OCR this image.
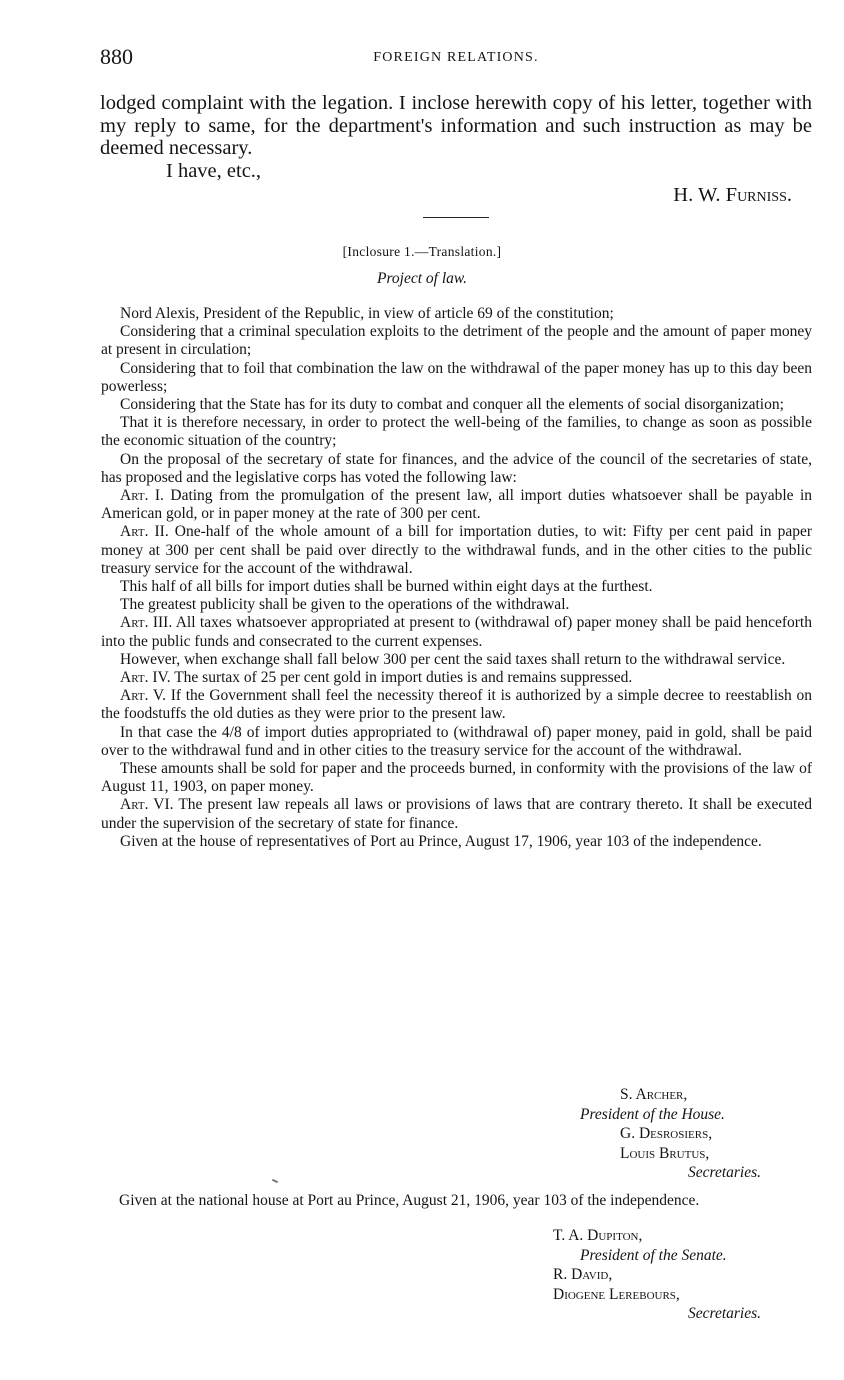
880	FOREIGN RELATIONS.

lodged complaint with the legation. I inclose herewith copy of his letter, together with my reply to same, for the department's information and such instruction as may be deemed necessary.

I have, etc.,
H. W. Furniss.
[Inclosure 1.—Translation.]
Project of law.

Nord Alexis, President of the Republic, in view of article 69 of the constitution;

Considering that a criminal speculation exploits to the detriment of the people and the amount of paper money at present in circulation;

Considering that to foil that combination the law on the withdrawal of the paper money has up to this day been powerless;

Considering that the State has for its duty to combat and conquer all the elements of social disorganization;

That it is therefore necessary, in order to protect the well-being of the families, to change as soon as possible the economic situation of the country;

On the proposal of the secretary of state for finances, and the advice of the council of the secretaries of state, has proposed and the legislative corps has voted the following law:

Art. I. Dating from the promulgation of the present law, all import duties whatsoever shall be payable in American gold, or in paper money at the rate of 300 per cent.

Art. II. One-half of the whole amount of a bill for importation duties, to wit: Fifty per cent paid in paper money at 300 per cent shall be paid over directly to the withdrawal funds, and in the other cities to the public treasury service for the account of the withdrawal.

This half of all bills for import duties shall be burned within eight days at the furthest.

The greatest publicity shall be given to the operations of the withdrawal.

Art. III. All taxes whatsoever appropriated at present to (withdrawal of) paper money shall be paid henceforth into the public funds and consecrated to the current expenses.

However, when exchange shall fall below 300 per cent the said taxes shall return to the withdrawal service.

Art. IV. The surtax of 25 per cent gold in import duties is and remains suppressed.

Art. V. If the Government shall feel the necessity thereof it is authorized by a simple decree to reestablish on the foodstuffs the old duties as they were prior to the present law.

In that case the 4/8 of import duties appropriated to (withdrawal of) paper money, paid in gold, shall be paid over to the withdrawal fund and in other cities to the treasury service for the account of the withdrawal.

These amounts shall be sold for paper and the proceeds burned, in conformity with the provisions of the law of August 11, 1903, on paper money.

Art. VI. The present law repeals all laws or provisions of laws that are contrary thereto. It shall be executed under the supervision of the secretary of state for finance.

Given at the house of representatives of Port au Prince, August 17, 1906, year 103 of the independence.

S. Archer,
President of the House.
G. Desrosiers,
Louis Brutus,
Secretaries.
Given at the national house at Port au Prince, August 21, 1906, year 103 of the independence.
T. A. Dupiton,
President of the Senate.
R. David,
Diogene Lerebours,
Secretaries.
